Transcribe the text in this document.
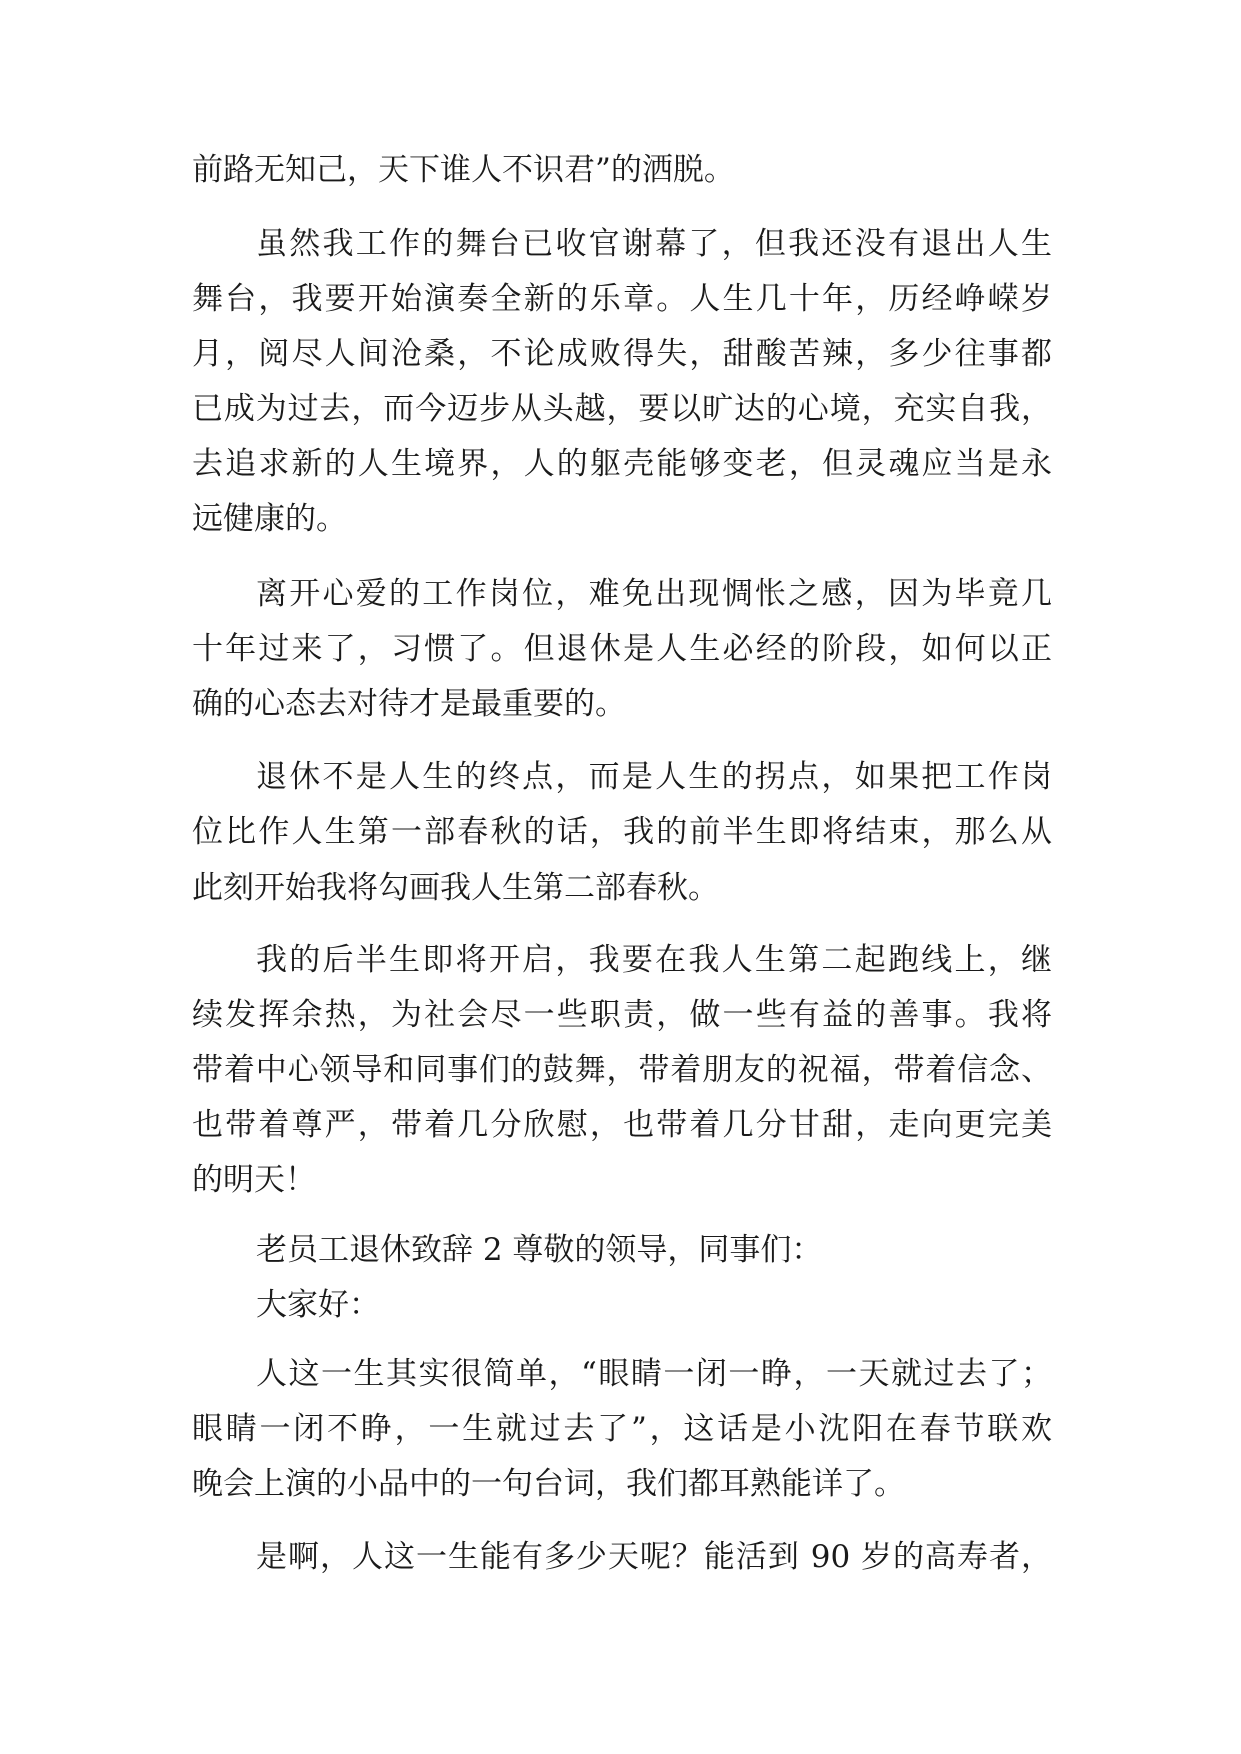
前路无知己，天下谁人不识君”的洒脱。

虽然我工作的舞台已收官谢幕了，但我还没有退出人生

舞台，我要开始演奏全新的乐章。人生几十年，历经峥嵘岁

月，阅尽人间沧桑，不论成败得失，甜酸苦辣，多少往事都

已成为过去，而今迈步从头越，要以旷达的心境，充实自我，

去追求新的人生境界，人的躯壳能够变老，但灵魂应当是永

远健康的。

离开心爱的工作岗位，难免出现惆怅之感，因为毕竟几

十年过来了，习惯了。但退休是人生必经的阶段，如何以正

确的心态去对待才是最重要的。

退休不是人生的终点，而是人生的拐点，如果把工作岗

位比作人生第一部春秋的话，我的前半生即将结束，那么从

此刻开始我将勾画我人生第二部春秋。

我的后半生即将开启，我要在我人生第二起跑线上，继

续发挥余热，为社会尽一些职责，做一些有益的善事。我将

带着中心领导和同事们的鼓舞，带着朋友的祝福，带着信念、

也带着尊严，带着几分欣慰，也带着几分甘甜，走向更完美

的明天！

老员工退休致辞 2 尊敬的领导，同事们：

大家好：

人这一生其实很简单，“眼睛一闭一睁，一天就过去了；

眼睛一闭不睁，一生就过去了”，这话是小沈阳在春节联欢

晚会上演的小品中的一句台词，我们都耳熟能详了。

是啊，人这一生能有多少天呢？能活到 90 岁的高寿者，
